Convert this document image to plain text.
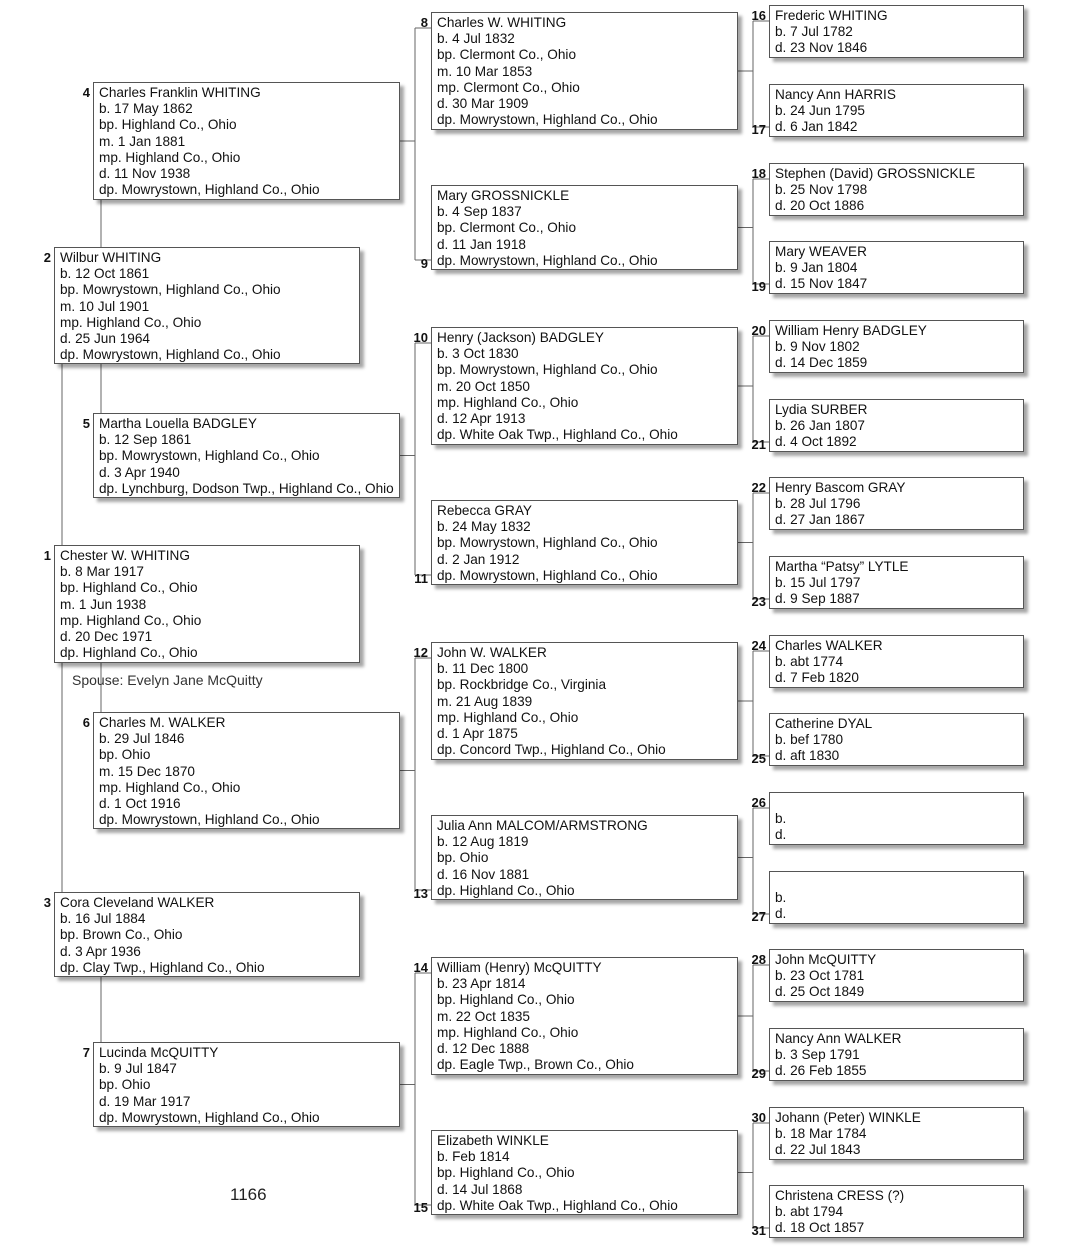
Chester W. WHITING
b. 8 Mar 1917
bp. Highland Co., Ohio
m. 1 Jun 1938
mp. Highland Co., Ohio
d. 20 Dec 1971
dp. Highland Co., Ohio
1
Wilbur WHITING
b. 12 Oct 1861
bp. Mowrystown, Highland Co., Ohio
m. 10 Jul 1901
mp. Highland Co., Ohio
d. 25 Jun 1964
dp. Mowrystown, Highland Co., Ohio
2
Cora Cleveland WALKER
b. 16 Jul 1884
bp. Brown Co., Ohio
d. 3 Apr 1936
dp. Clay Twp., Highland Co., Ohio
3
Charles Franklin WHITING
b. 17 May 1862
bp. Highland Co., Ohio
m. 1 Jan 1881
mp. Highland Co., Ohio
d. 11 Nov 1938
dp. Mowrystown, Highland Co., Ohio
4
Martha Louella BADGLEY
b. 12 Sep 1861
bp. Mowrystown, Highland Co., Ohio
d. 3 Apr 1940
dp. Lynchburg, Dodson Twp., Highland Co., Ohio
5
Charles M. WALKER
b. 29 Jul 1846
bp. Ohio
m. 15 Dec 1870
mp. Highland Co., Ohio
d. 1 Oct 1916
dp. Mowrystown, Highland Co., Ohio
6
Lucinda McQUITTY
b. 9 Jul 1847
bp. Ohio
d. 19 Mar 1917
dp. Mowrystown, Highland Co., Ohio
7
Charles W. WHITING
b. 4 Jul 1832
bp. Clermont Co., Ohio
m. 10 Mar 1853
mp. Clermont Co., Ohio
d. 30 Mar 1909
dp. Mowrystown, Highland Co., Ohio
8
Mary GROSSNICKLE
b. 4 Sep 1837
bp. Clermont Co., Ohio
d. 11 Jan 1918
dp. Mowrystown, Highland Co., Ohio
9
Henry (Jackson) BADGLEY
b. 3 Oct 1830
bp. Mowrystown, Highland Co., Ohio
m. 20 Oct 1850
mp. Highland Co., Ohio
d. 12 Apr 1913
dp. White Oak Twp., Highland Co., Ohio
10
Rebecca GRAY
b. 24 May 1832
bp. Mowrystown, Highland Co., Ohio
d. 2 Jan 1912
dp. Mowrystown, Highland Co., Ohio
11
John W. WALKER
b. 11 Dec 1800
bp. Rockbridge Co., Virginia
m. 21 Aug 1839
mp. Highland Co., Ohio
d. 1 Apr 1875
dp. Concord Twp., Highland Co., Ohio
12
Julia Ann MALCOM/ARMSTRONG
b. 12 Aug 1819
bp. Ohio
d. 16 Nov 1881
dp. Highland Co., Ohio
13
William (Henry) McQUITTY
b. 23 Apr 1814
bp. Highland Co., Ohio
m. 22 Oct 1835
mp. Highland Co., Ohio
d. 12 Dec 1888
dp. Eagle Twp., Brown Co., Ohio
14
Elizabeth WINKLE
b. Feb 1814
bp. Highland Co., Ohio
d. 14 Jul 1868
dp. White Oak Twp., Highland Co., Ohio
15
Frederic WHITING
b. 7 Jul 1782
d. 23 Nov 1846
16
Nancy Ann HARRIS
b. 24 Jun 1795
d. 6 Jan 1842
17
Stephen (David) GROSSNICKLE
b. 25 Nov 1798
d. 20 Oct 1886
18
Mary WEAVER
b. 9 Jan 1804
d. 15 Nov 1847
19
William Henry BADGLEY
b. 9 Nov 1802
d. 14 Dec 1859
20
Lydia SURBER
b. 26 Jan 1807
d. 4 Oct 1892
21
Henry Bascom GRAY
b. 28 Jul 1796
d. 27 Jan 1867
22
Martha “Patsy” LYTLE
b. 15 Jul 1797
d. 9 Sep 1887
23
Charles WALKER
b. abt 1774
d. 7 Feb 1820
24
Catherine DYAL
b. bef 1780
d. aft 1830
25

b.
d.
26

b.
d.
27
John McQUITTY
b. 23 Oct 1781
d. 25 Oct 1849
28
Nancy Ann WALKER
b. 3 Sep 1791
d. 26 Feb 1855
29
Johann (Peter) WINKLE
b. 18 Mar 1784
d. 22 Jul 1843
30
Christena CRESS (?)
b. abt 1794
d. 18 Oct 1857
31
Spouse: Evelyn Jane McQuitty
1166
